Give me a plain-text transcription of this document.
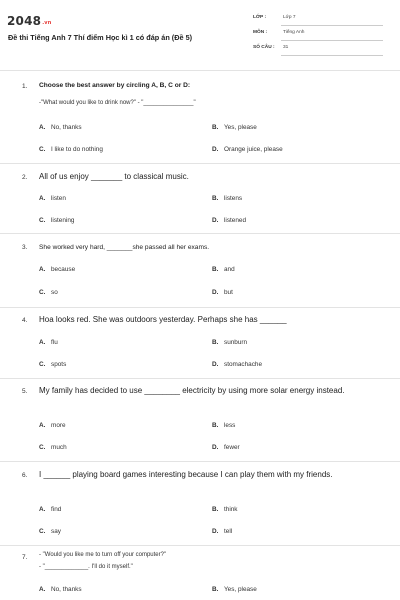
2048.vn
Đề thi Tiếng Anh 7 Thí điểm Học kì 1 có đáp án (Đề 5)
LỚP :	Lớp 7
MÔN :	Tiếng Anh
SỐ CÂU : 31
1. Choose the best answer by circling A, B, C or D:
-"What would you like to drink now?" - "_______________"
A. No, thanks	B. Yes, please
C. I like to do nothing	D. Orange juice, please
2. All of us enjoy _______ to classical music.
A. listen	B. listens
C. listening	D. listened
3. She worked very hard, _______she passed all her exams.
A. because	B. and
C. so	D. but
4. Hoa looks red. She was outdoors yesterday. Perhaps she has ______
A. flu	B. sunburn
C. spots	D. stomachache
5. My family has decided to use ________ electricity by using more solar energy instead.
A. more	B. less
C. much	D. fewer
6. I ______ playing board games interesting because I can play them with my friends.
A. find	B. think
C. say	D. tell
7. - "Would you like me to turn off your computer?"
- "_____________. I'll do it myself."
A. No, thanks	B. Yes, please
